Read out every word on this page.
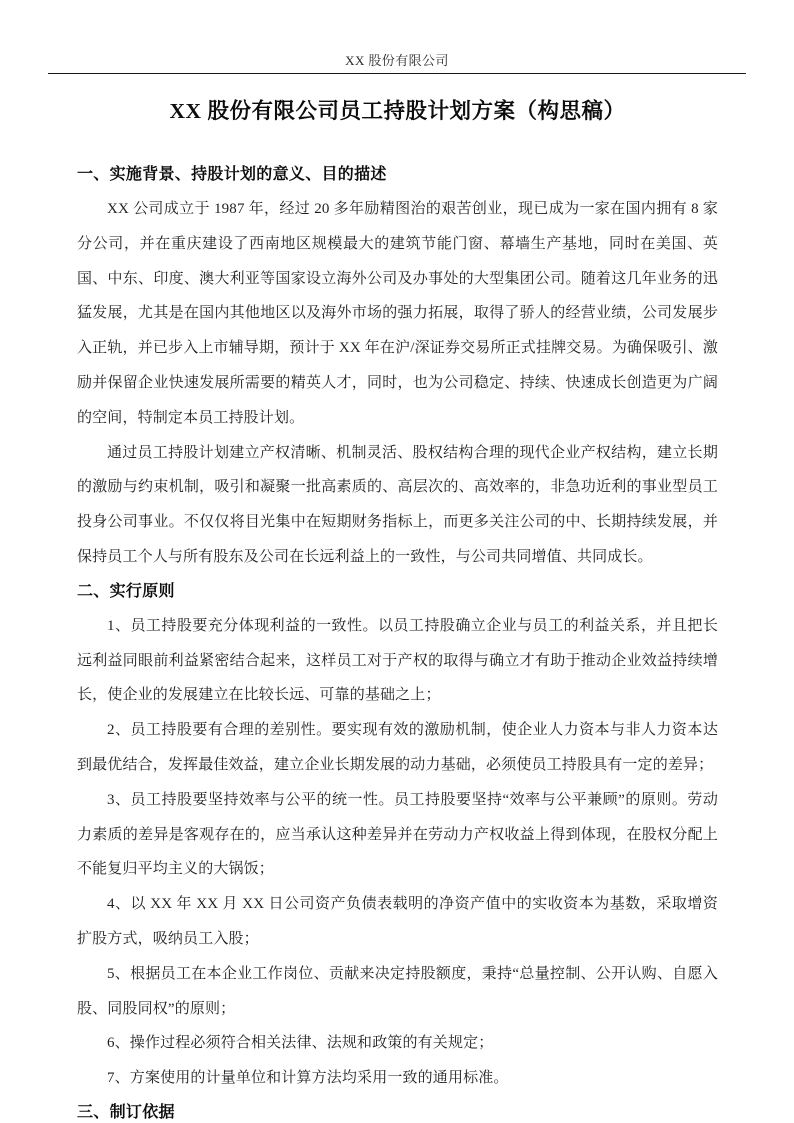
XX 股份有限公司
XX 股份有限公司员工持股计划方案（构思稿）
一、实施背景、持股计划的意义、目的描述

XX 公司成立于 1987 年，经过 20 多年励精图治的艰苦创业，现已成为一家在国内拥有 8 家分公司，并在重庆建设了西南地区规模最大的建筑节能门窗、幕墙生产基地，同时在美国、英国、中东、印度、澳大利亚等国家设立海外公司及办事处的大型集团公司。随着这几年业务的迅猛发展，尤其是在国内其他地区以及海外市场的强力拓展，取得了骄人的经营业绩，公司发展步入正轨，并已步入上市辅导期，预计于 XX 年在沪/深证券交易所正式挂牌交易。为确保吸引、激励并保留企业快速发展所需要的精英人才，同时，也为公司稳定、持续、快速成长创造更为广阔的空间，特制定本员工持股计划。

通过员工持股计划建立产权清晰、机制灵活、股权结构合理的现代企业产权结构，建立长期的激励与约束机制，吸引和凝聚一批高素质的、高层次的、高效率的，非急功近利的事业型员工投身公司事业。不仅仅将目光集中在短期财务指标上，而更多关注公司的中、长期持续发展，并保持员工个人与所有股东及公司在长远利益上的一致性，与公司共同增值、共同成长。

二、实行原则

1、员工持股要充分体现利益的一致性。以员工持股确立企业与员工的利益关系，并且把长远利益同眼前利益紧密结合起来，这样员工对于产权的取得与确立才有助于推动企业效益持续增长，使企业的发展建立在比较长远、可靠的基础之上；

2、员工持股要有合理的差别性。要实现有效的激励机制，使企业人力资本与非人力资本达到最优结合，发挥最佳效益，建立企业长期发展的动力基础，必须使员工持股具有一定的差异；

3、员工持股要坚持效率与公平的统一性。员工持股要坚持“效率与公平兼顾”的原则。劳动力素质的差异是客观存在的，应当承认这种差异并在劳动力产权收益上得到体现，在股权分配上不能复归平均主义的大锅饭；

4、以 XX 年 XX 月 XX 日公司资产负债表载明的净资产值中的实收资本为基数，采取增资扩股方式，吸纳员工入股；

5、根据员工在本企业工作岗位、贡献来决定持股额度，秉持“总量控制、公开认购、自愿入股、同股同权”的原则；

6、操作过程必须符合相关法律、法规和政策的有关规定；

7、方案使用的计量单位和计算方法均采用一致的通用标准。

三、制订依据
